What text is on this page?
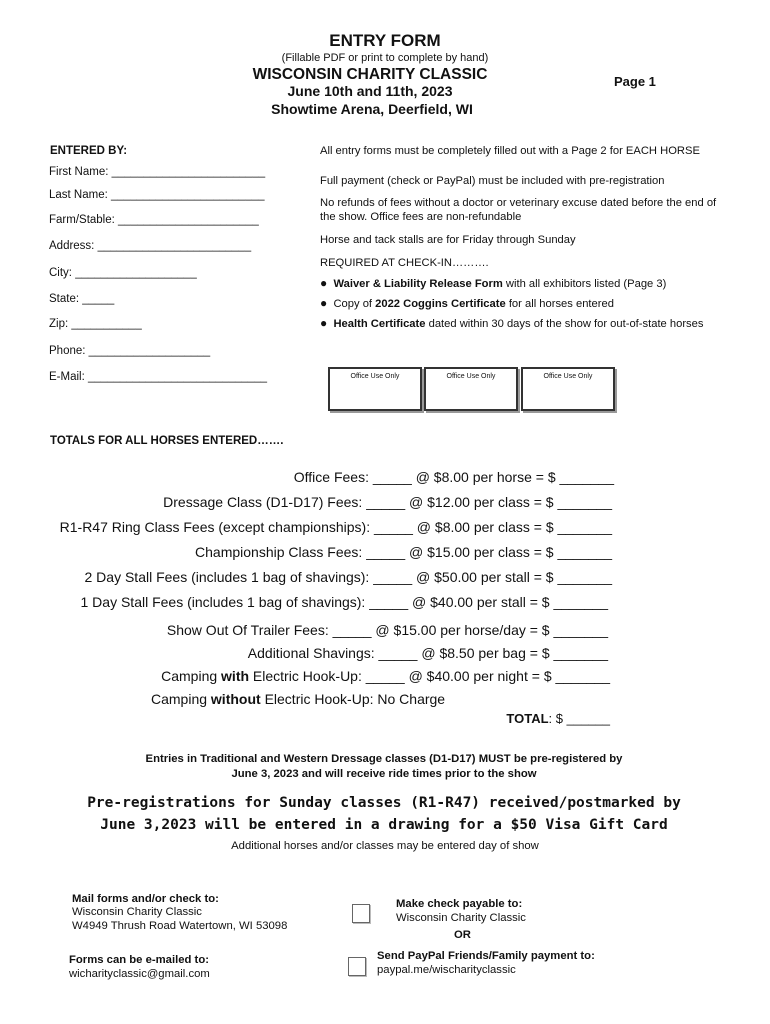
ENTRY FORM
(Fillable PDF or print to complete by hand)
WISCONSIN CHARITY CLASSIC
June 10th and 11th, 2023
Showtime Arena, Deerfield, WI
Page 1
ENTERED BY:
First Name: ________________________
Last Name: ________________________
Farm/Stable: ______________________
Address: ________________________
City: ___________________
State: _____
Zip: ___________
Phone: ___________________
E-Mail: ____________________________
All entry forms must be completely filled out with a Page 2 for EACH HORSE
Full payment (check or PayPal) must be included with pre-registration
No refunds of fees without a doctor or veterinary excuse dated before the end of the show. Office fees are non-refundable
Horse and tack stalls are for Friday through Sunday
REQUIRED AT CHECK-IN……….
● Waiver & Liability Release Form with all exhibitors listed (Page 3)
● Copy of 2022 Coggins Certificate for all horses entered
● Health Certificate dated within 30 days of the show for out-of-state horses
Office Use Only	Office Use Only	Office Use Only
TOTALS FOR ALL HORSES ENTERED…….
Office Fees: _____ @ $8.00 per horse = $ _______
Dressage Class (D1-D17) Fees: _____ @ $12.00 per class = $ _______
R1-R47 Ring Class Fees (except championships): _____ @ $8.00 per class = $ _______
Championship Class Fees: _____ @ $15.00 per class = $ _______
2 Day Stall Fees (includes 1 bag of shavings): _____ @ $50.00 per stall = $ _______
1 Day Stall Fees (includes 1 bag of shavings): _____ @ $40.00 per stall = $ _______
Show Out Of Trailer Fees: _____ @ $15.00 per horse/day = $ _______
Additional Shavings: _____ @ $8.50 per bag = $ _______
Camping with Electric Hook-Up: _____ @ $40.00 per night = $ _______
Camping without Electric Hook-Up: No Charge
TOTAL: $ ______
Entries in Traditional and Western Dressage classes (D1-D17) MUST be pre-registered by
June 3, 2023 and will receive ride times prior to the show
Pre-registrations for Sunday classes (R1-R47) received/postmarked by
June 3,2023 will be entered in a drawing for a $50 Visa Gift Card
Additional horses and/or classes may be entered day of show
Mail forms and/or check to:
Wisconsin Charity Classic
W4949 Thrush Road Watertown, WI 53098
Make check payable to:
Wisconsin Charity Classic
OR
Forms can be e-mailed to:
wicharityclassic@gmail.com
Send PayPal Friends/Family payment to:
paypal.me/wischarityclassic
